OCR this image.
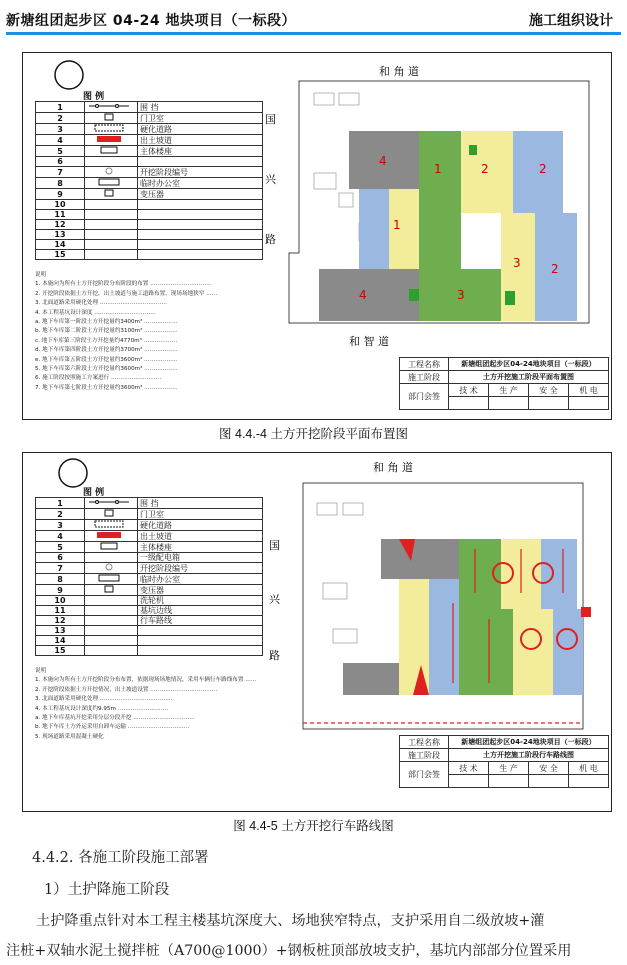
新塘组团起步区 04-24 地块项目（一标段）	施工组织设计
图 例
1		围 挡
2		门卫室
3		硬化道路
4		出土坡道
5		主体楼座
6		
7		开挖阶段编号
8		临时办公室
9		变压器
10		
11		
12		
13		
14		
15		
说明
1. 本施向为所有土方开挖阶段分布阶段的布置 ……………………………
2. 开挖阶段依据土方开挖，出土坡道与施工道路布置，现场场地狭窄 ……
3. 北面道路采用硬化处理 ………………………………
4. 本工程基坑设计深度 ……………………………
a. 地下车库第一阶段土方开挖量约3400m³ ………………
b. 地下车库第二阶段土方开挖量约3100m³ ………………
c. 地下车库第三阶段土方开挖量约4770m³ ………………
d. 地下车库第四阶段土方开挖量约3700m³ ………………
e. 地下车库第五阶段土方开挖量约3600m³ ………………
5. 地下车库第六阶段土方开挖量约3600m³ ………………
6. 施工阶段按照施工方案进行 ………………………
7. 地下车库第七阶段土方开挖量约3600m³ ………………
和 角 道
和 智 道
国
兴
路
4
1	2
1
2
3
4
3	2
工程名称	新塘组团起步区04-24地块项目（一标段）			
施工阶段	土方开挖施工阶段平面布置图			
部门会签	技 术	生 产	安 全	机 电

图 4.4.-4 土方开挖阶段平面布置图
图 例
1		围 挡
2		门卫室
3		硬化道路
4		出土坡道
5		主体楼座
6		一级配电箱
7		开挖阶段编号
8		临时办公室
9		变压器
10		洗轮机
11		基坑边线
12		行车路线
13		
14		
15		
说明
1. 本施向为所有土方开挖阶段分布布置，依据现场场地情况，采用车辆行车路线布置 ……
2. 开挖阶段依据土方开挖情况，出土坡道设置 ………………………………
3. 北面道路采用硬化处理 …………………………………
4. 本工程基坑设计深度约9.95m ………………………
a. 地下车库基坑开挖采用分层分段开挖 ……………………………
b. 地下车库土方外运采用自卸车运输 ……………………………
5. 现场道路采用混凝土硬化
和 角 道
国
兴
路
工程名称	新塘组团起步区04-24地块项目（一标段）			
施工阶段	土方开挖施工阶段行车路线图			
部门会签	技 术	生 产	安 全	机 电

图 4.4-5 土方开挖行车路线图
4.4.2. 各施工阶段施工部署
1）土护降施工阶段
土护降重点针对本工程主楼基坑深度大、场地狭窄特点，支护采用自二级放坡+灌
注桩+双轴水泥土搅拌桩（A700@1000）+钢板桩顶部放坡支护，基坑内部部分位置采用
